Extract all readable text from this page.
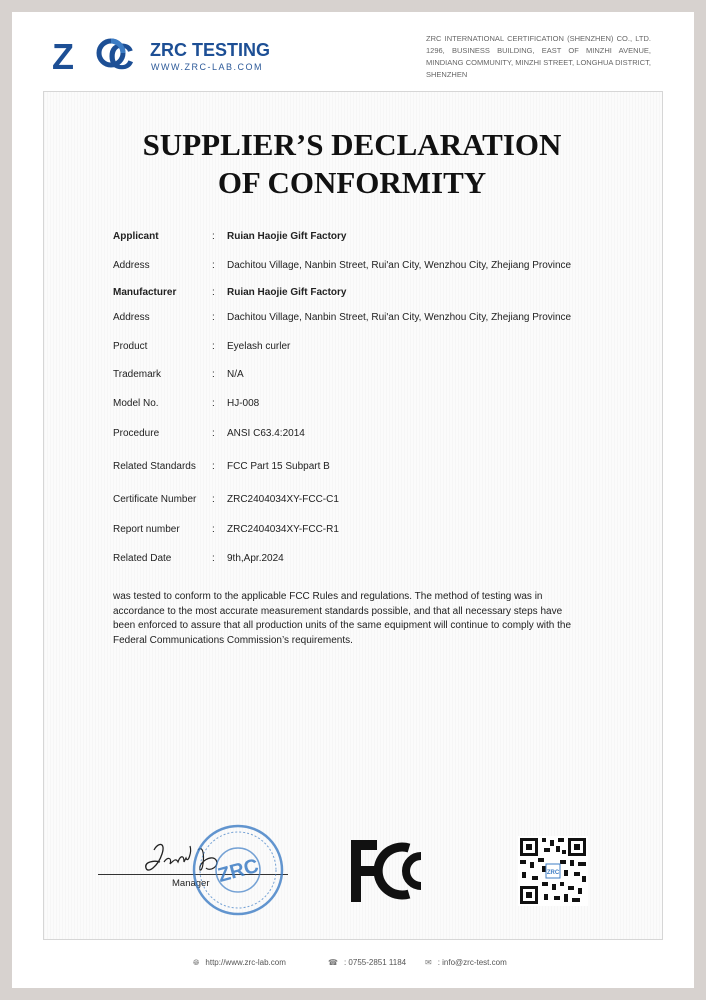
Z   C ZRC TESTING
WWW.ZRC-LAB.COM
ZRC INTERNATIONAL CERTIFICATION (SHENZHEN) CO., LTD. 1296, BUSINESS BUILDING, EAST OF MINZHI AVENUE, MINDIANG COMMUNITY, MINZHI STREET, LONGHUA DISTRICT, SHENZHEN
SUPPLIER’S DECLARATION
OF CONFORMITY
Applicant	: Ruian Haojie Gift Factory
Address	: Dachitou Village, Nanbin Street, Rui'an City, Wenzhou City, Zhejiang Province
Manufacturer	: Ruian Haojie Gift Factory
Address	: Dachitou Village, Nanbin Street, Rui'an City, Wenzhou City, Zhejiang Province
Product	: Eyelash curler
Trademark	: N/A
Model No.	: HJ-008
Procedure	: ANSI C63.4:2014
Related Standards : FCC Part 15 Subpart B
Certificate Number : ZRC2404034XY-FCC-C1
Report number	: ZRC2404034XY-FCC-R1
Related Date	: 9th,Apr.2024
was tested to conform to the applicable FCC Rules and regulations. The method of testing was in accordance to the most accurate measurement standards possible, and that all necessary steps have been enforced to assure that all production units of the same equipment will continue to comply with the Federal Communications Commission’s requirements.
Manager ZRC	ZRC
🌐︎ http://www.zrc-lab.com	☎ : 0755-2851 1184 ✉ : info@zrc-test.com
